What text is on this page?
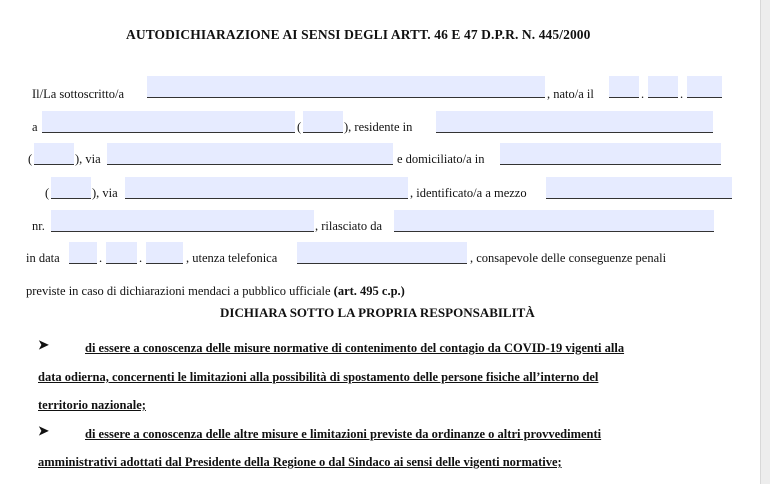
AUTODICHIARAZIONE AI SENSI DEGLI ARTT. 46 E 47 D.P.R. N. 445/2000
Il/La sottoscritto/a	, nato/a il	.	.
a	(	), residente in
(	), via	e domiciliato/a in
(	), via	, identificato/a a mezzo
nr.	, rilasciato da
in data	.	.	, utenza telefonica	, consapevole delle conseguenze penali
previste in caso di dichiarazioni mendaci a pubblico ufficiale (art. 495 c.p.)
DICHIARA SOTTO LA PROPRIA RESPONSABILITÀ
➤	di essere a conoscenza delle misure normative di contenimento del contagio da COVID-19 vigenti alla
data odierna, concernenti le limitazioni alla possibilità di spostamento delle persone fisiche all’interno del
territorio nazionale;
➤	di essere a conoscenza delle altre misure e limitazioni previste da ordinanze o altri provvedimenti
amministrativi adottati dal Presidente della Regione o dal Sindaco ai sensi delle vigenti normative;
